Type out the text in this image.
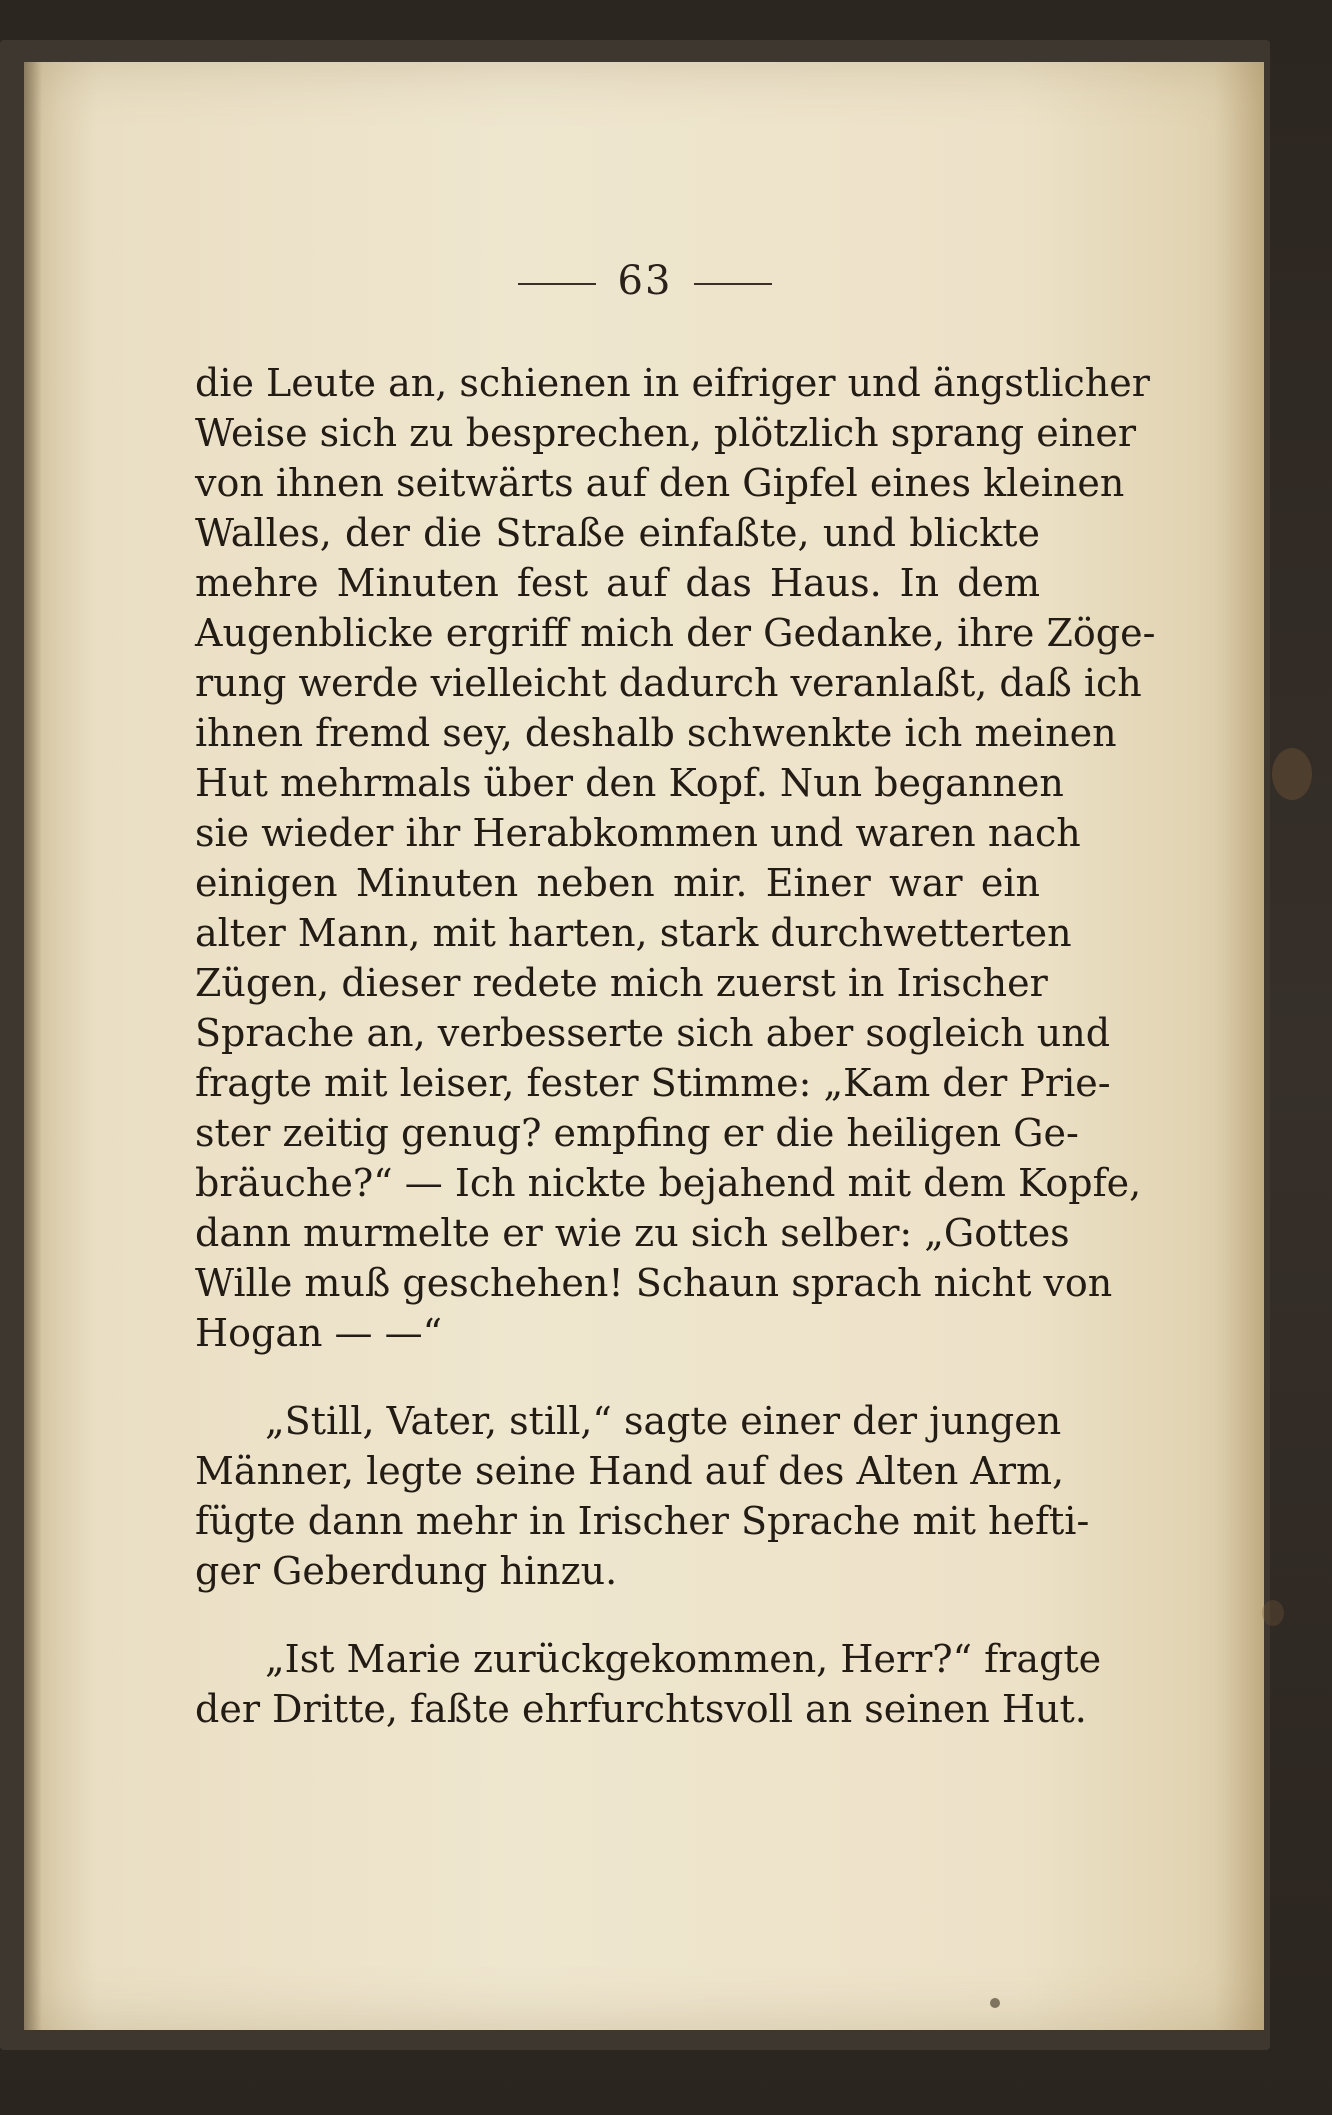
63
die Leute an, schienen in eifriger und ängstlicher
Weise sich zu besprechen, plötzlich sprang einer
von ihnen seitwärts auf den Gipfel eines kleinen
Walles, der die Straße einfaßte, und blickte
mehre Minuten fest auf das Haus. In dem
Augenblicke ergriff mich der Gedanke, ihre Zöge-
rung werde vielleicht dadurch veranlaßt, daß ich
ihnen fremd sey, deshalb schwenkte ich meinen
Hut mehrmals über den Kopf. Nun begannen
sie wieder ihr Herabkommen und waren nach
einigen Minuten neben mir. Einer war ein
alter Mann, mit harten, stark durchwetterten
Zügen, dieser redete mich zuerst in Irischer
Sprache an, verbesserte sich aber sogleich und
fragte mit leiser, fester Stimme: „Kam der Prie-
ster zeitig genug? empfing er die heiligen Ge-
bräuche?“ — Ich nickte bejahend mit dem Kopfe,
dann murmelte er wie zu sich selber: „Gottes
Wille muß geschehen! Schaun sprach nicht von
Hogan — —“
„Still, Vater, still,“ sagte einer der jungen
Männer, legte seine Hand auf des Alten Arm,
fügte dann mehr in Irischer Sprache mit hefti-
ger Geberdung hinzu.
„Ist Marie zurückgekommen, Herr?“ fragte
der Dritte, faßte ehrfurchtsvoll an seinen Hut.
